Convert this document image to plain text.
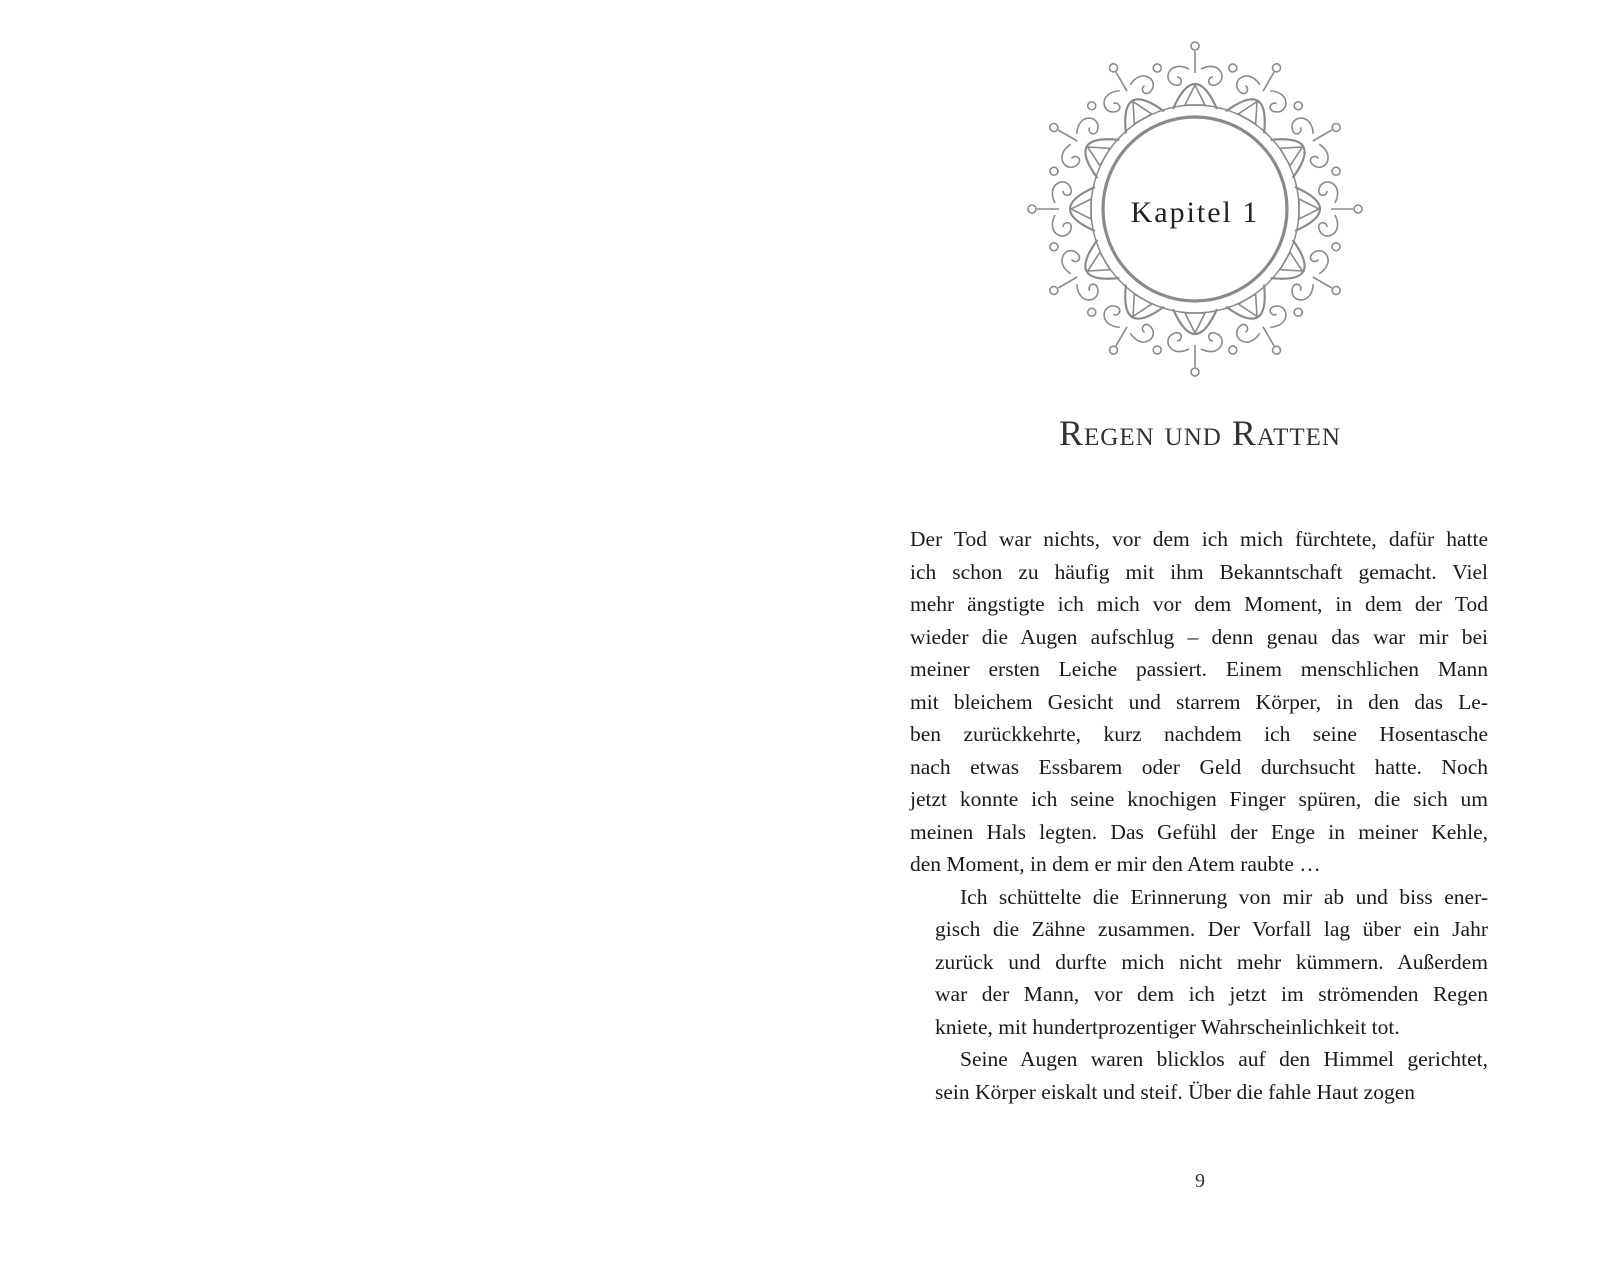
Kapitel 1
Regen und Ratten

Der Tod war nichts, vor dem ich mich fürchtete, dafür hatte
ich schon zu häufig mit ihm Bekanntschaft gemacht. Viel
mehr ängstigte ich mich vor dem Moment, in dem der Tod
wieder die Augen aufschlug – denn genau das war mir bei
meiner ersten Leiche passiert. Einem menschlichen Mann
mit bleichem Gesicht und starrem Körper, in den das Le-
ben zurückkehrte, kurz nachdem ich seine Hosentasche
nach etwas Essbarem oder Geld durchsucht hatte. Noch
jetzt konnte ich seine knochigen Finger spüren, die sich um
meinen Hals legten. Das Gefühl der Enge in meiner Kehle,
den Moment, in dem er mir den Atem raubte …

Ich schüttelte die Erinnerung von mir ab und biss ener-
gisch die Zähne zusammen. Der Vorfall lag über ein Jahr
zurück und durfte mich nicht mehr kümmern. Außerdem
war der Mann, vor dem ich jetzt im strömenden Regen
kniete, mit hundertprozentiger Wahrscheinlichkeit tot.

Seine Augen waren blicklos auf den Himmel gerichtet,
sein Körper eiskalt und steif. Über die fahle Haut zogen

9
